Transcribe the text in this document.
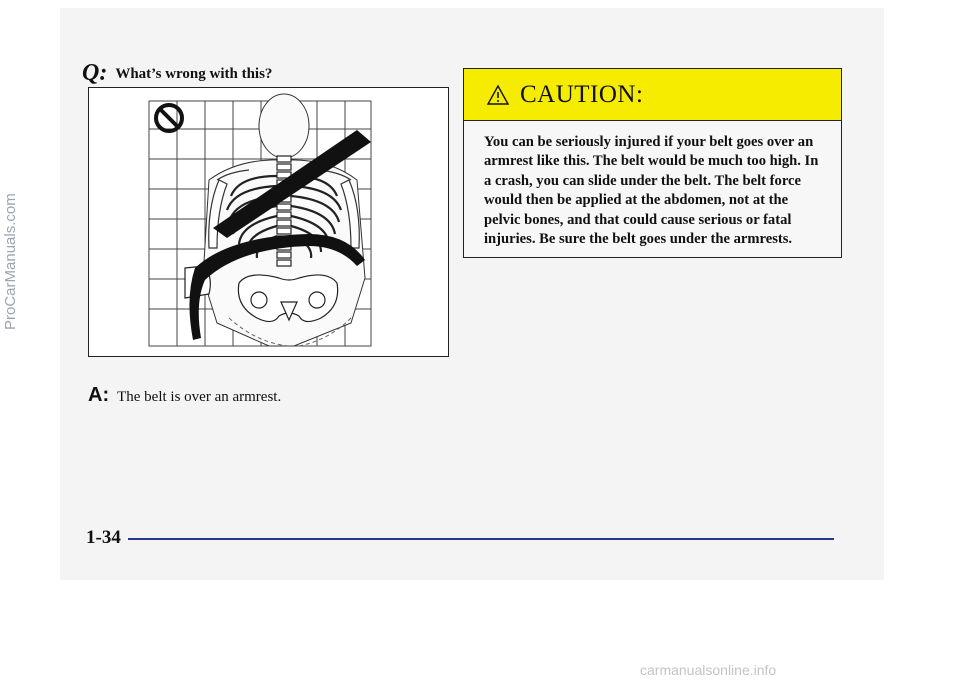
Q: What’s wrong with this?
A: The belt is over an armrest.
CAUTION:
You can be seriously injured if your belt goes over an armrest like this. The belt would be much too high. In a crash, you can slide under the belt. The belt force would then be applied at the abdomen, not at the pelvic bones, and that could cause serious or fatal injuries. Be sure the belt goes under the armrests.
ProCarManuals.com
1-34
carmanualsonline.info
